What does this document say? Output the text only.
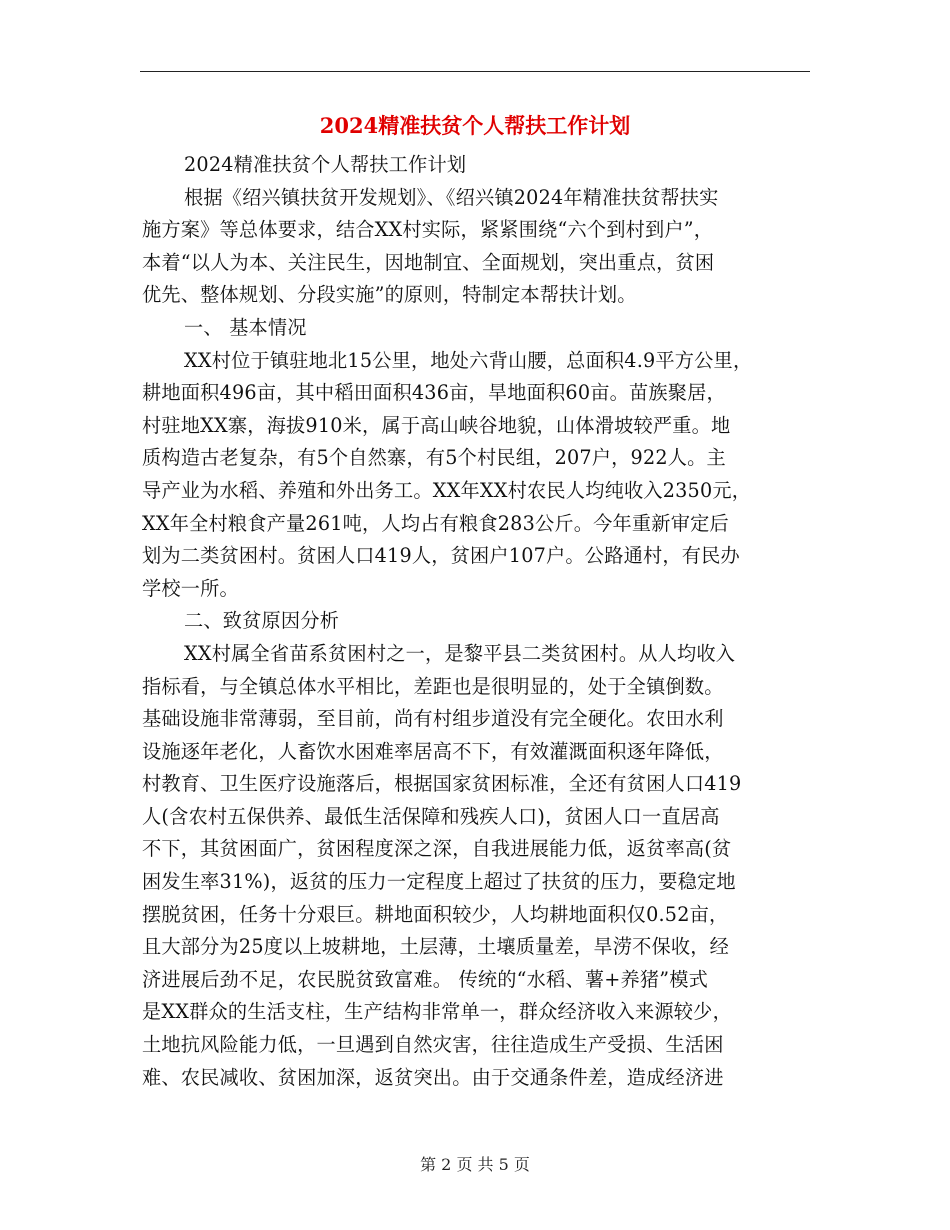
2024精准扶贫个人帮扶工作计划
2024精准扶贫个人帮扶工作计划
根据《绍兴镇扶贫开发规划》、《绍兴镇2024年精准扶贫帮扶实
施方案》等总体要求，结合XX村实际，紧紧围绕“六个到村到户”，
本着“以人为本、关注民生，因地制宜、全面规划，突出重点，贫困
优先、整体规划、分段实施”的原则，特制定本帮扶计划。
一、 基本情况
XX村位于镇驻地北15公里，地处六背山腰，总面积4.9平方公里，
耕地面积496亩，其中稻田面积436亩，旱地面积60亩。苗族聚居，
村驻地XX寨，海拔910米，属于高山峡谷地貌，山体滑坡较严重。地
质构造古老复杂，有5个自然寨，有5个村民组，207户，922人。主
导产业为水稻、养殖和外出务工。XX年XX村农民人均纯收入2350元，
XX年全村粮食产量261吨，人均占有粮食283公斤。今年重新审定后
划为二类贫困村。贫困人口419人，贫困户107户。公路通村，有民办
学校一所。
二、致贫原因分析
XX村属全省苗系贫困村之一，是黎平县二类贫困村。从人均收入
指标看，与全镇总体水平相比，差距也是很明显的，处于全镇倒数。
基础设施非常薄弱，至目前，尚有村组步道没有完全硬化。农田水利
设施逐年老化，人畜饮水困难率居高不下，有效灌溉面积逐年降低，
村教育、卫生医疗设施落后，根据国家贫困标准，全还有贫困人口419
人(含农村五保供养、最低生活保障和残疾人口)，贫困人口一直居高
不下，其贫困面广，贫困程度深之深，自我进展能力低，返贫率高(贫
困发生率31%)，返贫的压力一定程度上超过了扶贫的压力，要稳定地
摆脱贫困，任务十分艰巨。耕地面积较少，人均耕地面积仅0.52亩，
且大部分为25度以上坡耕地，土层薄，土壤质量差，旱涝不保收，经
济进展后劲不足，农民脱贫致富难。 传统的“水稻、薯+养猪”模式
是XX群众的生活支柱，生产结构非常单一，群众经济收入来源较少，
土地抗风险能力低，一旦遇到自然灾害，往往造成生产受损、生活困
难、农民减收、贫困加深，返贫突出。由于交通条件差，造成经济进
第 2 页 共 5 页
